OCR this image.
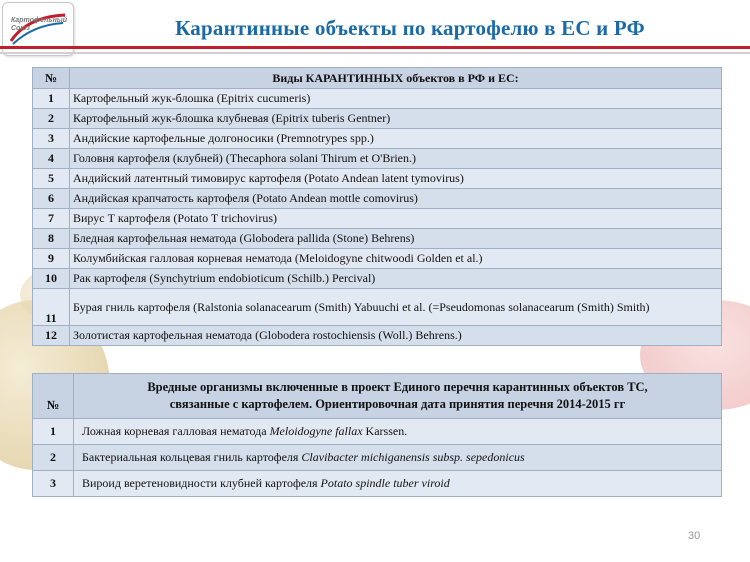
Картофельный Союз	Карантинные объекты по картофелю в ЕС и РФ
№	Виды КАРАНТИННЫХ объектов в РФ и ЕС:
1	Картофельный жук-блошка (Epitrix cucumeris)
2	Картофельный жук-блошка клубневая (Epitrix tuberis Gentner)
3	Андийские картофельные долгоносики (Premnotrypes spp.)
4	Головня картофеля (клубней) (Thecaphora solani Thirum et O'Brien.)
5	Андийский латентный тимовирус картофеля (Potato Andean latent tymovirus)
6	Андийская крапчатость картофеля (Potato Andean mottle comovirus)
7	Вирус Т картофеля (Potato T trichovirus)
8	Бледная картофельная нематода (Globodera pallida (Stone) Behrens)
9	Колумбийская галловая корневая нематода (Meloidogyne chitwoodi Golden et al.)
10	Рак картофеля (Synchytrium endobioticum (Schilb.) Percival)
11	Бурая гниль картофеля (Ralstonia solanacearum (Smith) Yabuuchi et al. (=Pseudomonas solanacearum (Smith) Smith)
12	Золотистая картофельная нематода (Globodera rostochiensis (Woll.) Behrens.)
№	Вредные организмы включенные в проект Единого перечня карантинных объектов ТС,
связанные с картофелем. Ориентировочная дата принятия перечня 2014-2015 гг

1	Ложная корневая галловая нематода Meloidogyne fallax Karssen.
2	Бактериальная кольцевая гниль картофеля Clavibacter michiganensis subsp. sepedonicus
3	Вироид веретеновидности клубней картофеля Potato spindle tuber viroid
30
